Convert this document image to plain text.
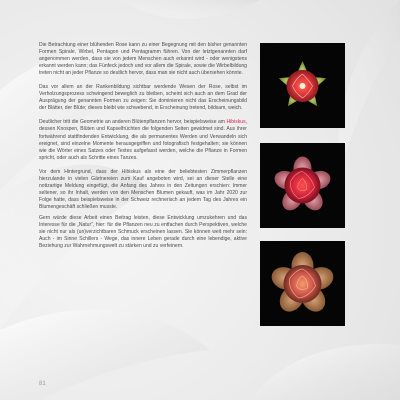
Die Betrachtung einer blühenden Rose kann zu einer Begegnung mit den bisher genannten Formen Spirale, Wirbel, Pentagon und Pentagramm führen. Von der letztgenannten darf angenommen werden, dass sie von jedem Menschen auch erkannt wird - oder wenigstens erkannt werden kann; das Fünfeck jedoch und vor allem die Spirale, sowie die Wirbelbildung treten nicht an jeder Pflanze so deutlich hervor, dass man sie nicht auch übersehen könnte.

Das vor allem an der Rankenbildung sichtbar werdende Wesen der Rose, selbst im Verholzungsprozess schwingend beweglich zu bleiben, scheint sich auch an dem Grad der Ausprägung der genannten Formen zu zeigen: Sie dominieren nicht das Erscheinungsbild der Blätter, der Blüte; dieses bleibt wie schwebend, in Erscheinung tretend, bildsam, weich.

Deutlicher tritt die Geometrie an anderen Blütenpflanzen hervor, beispielsweise am Hibiskus, dessen Knospen, Blüten und Kapselfrüchten die folgenden Seiten gewidmet sind. Aus ihrer fortwährend stattfindenden Entwicklung, die als permanentes Werden und Verwandeln sich ereignet, sind einzelne Momente herausgegriffen und fotografisch festgehalten; sie können wie die Wörter eines Satzes oder Textes aufgefasst werden, welche die Pflanze in Formen spricht, oder auch als Schritte eines Tanzes.

Vor dem Hintergrund, dass der Hibiskus als eine der beliebtesten Zimmerpflanzen hierzulande in vielen Gärtnereien zum Kauf angeboten wird, sei an dieser Stelle eine notizartige Meldung eingefügt, die Anfang des Jahres in den Zeitungen erschien: Immer seltener, so ihr Inhalt, werden von den Menschen Blumen gekauft, was im Jahr 2020 zur Folge hatte, dass beispielsweise in der Schweiz rechnerisch an jedem Tag des Jahres ein Blumengeschäft schließen musste.

Gern würde diese Arbeit einen Beitrag leisten, diese Entwicklung umzukehren und das Interesse für die „Natur“, hier: für die Pflanzen neu zu entfachen durch Perspektiven, welche sie nicht nur als (un)verzichtbaren Schmuck erscheinen lassen. Sie können weit mehr sein: Auch - im Sinne Schillers - Wege, das innere Leben gerade durch eine lebendige, aktive Beziehung zur Wahrnehmungswelt zu stärken und zu verfeinern.

81
